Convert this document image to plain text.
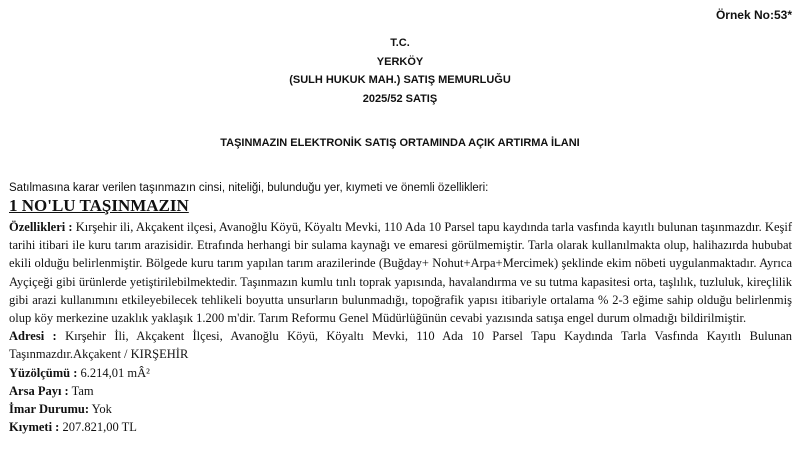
Örnek No:53*
T.C.
YERKÖY
(SULH HUKUK MAH.) SATIŞ MEMURLUĞU
2025/52 SATIŞ
TAŞINMAZIN ELEKTRONİK SATIŞ ORTAMINDA AÇIK ARTIRMA İLANI
Satılmasına karar verilen taşınmazın cinsi, niteliği, bulunduğu yer, kıymeti ve önemli özellikleri:
1 NO'LU TAŞINMAZIN

Özellikleri : Kırşehir ili, Akçakent ilçesi, Avanoğlu Köyü, Köyaltı Mevki, 110 Ada 10 Parsel tapu kaydında tarla vasfında kayıtlı bulunan taşınmazdır. Keşif tarihi itibari ile kuru tarım arazisidir. Etrafında herhangi bir sulama kaynağı ve emaresi görülmemiştir. Tarla olarak kullanılmakta olup, halihazırda hububat ekili olduğu belirlenmiştir. Bölgede kuru tarım yapılan tarım arazilerinde (Buğday+ Nohut+Arpa+Mercimek) şeklinde ekim nöbeti uygulanmaktadır. Ayrıca Ayçiçeği gibi ürünlerde yetiştirilebilmektedir. Taşınmazın kumlu tınlı toprak yapısında, havalandırma ve su tutma kapasitesi orta, taşlılık, tuzluluk, kireçlilik gibi arazi kullanımını etkileyebilecek tehlikeli boyutta unsurların bulunmadığı, topoğrafik yapısı itibariyle ortalama % 2-3 eğime sahip olduğu belirlenmiş olup köy merkezine uzaklık yaklaşık 1.200 m'dir. Tarım Reformu Genel Müdürlüğünün cevabi yazısında satışa engel durum olmadığı bildirilmiştir.

Adresi : Kırşehir İli, Akçakent İlçesi, Avanoğlu Köyü, Köyaltı Mevki, 110 Ada 10 Parsel Tapu Kaydında Tarla Vasfında Kayıtlı Bulunan Taşınmazdır.Akçakent / KIRŞEHİR

Yüzölçümü : 6.214,01 mÂ²

Arsa Payı : Tam

İmar Durumu: Yok

Kıymeti : 207.821,00 TL
